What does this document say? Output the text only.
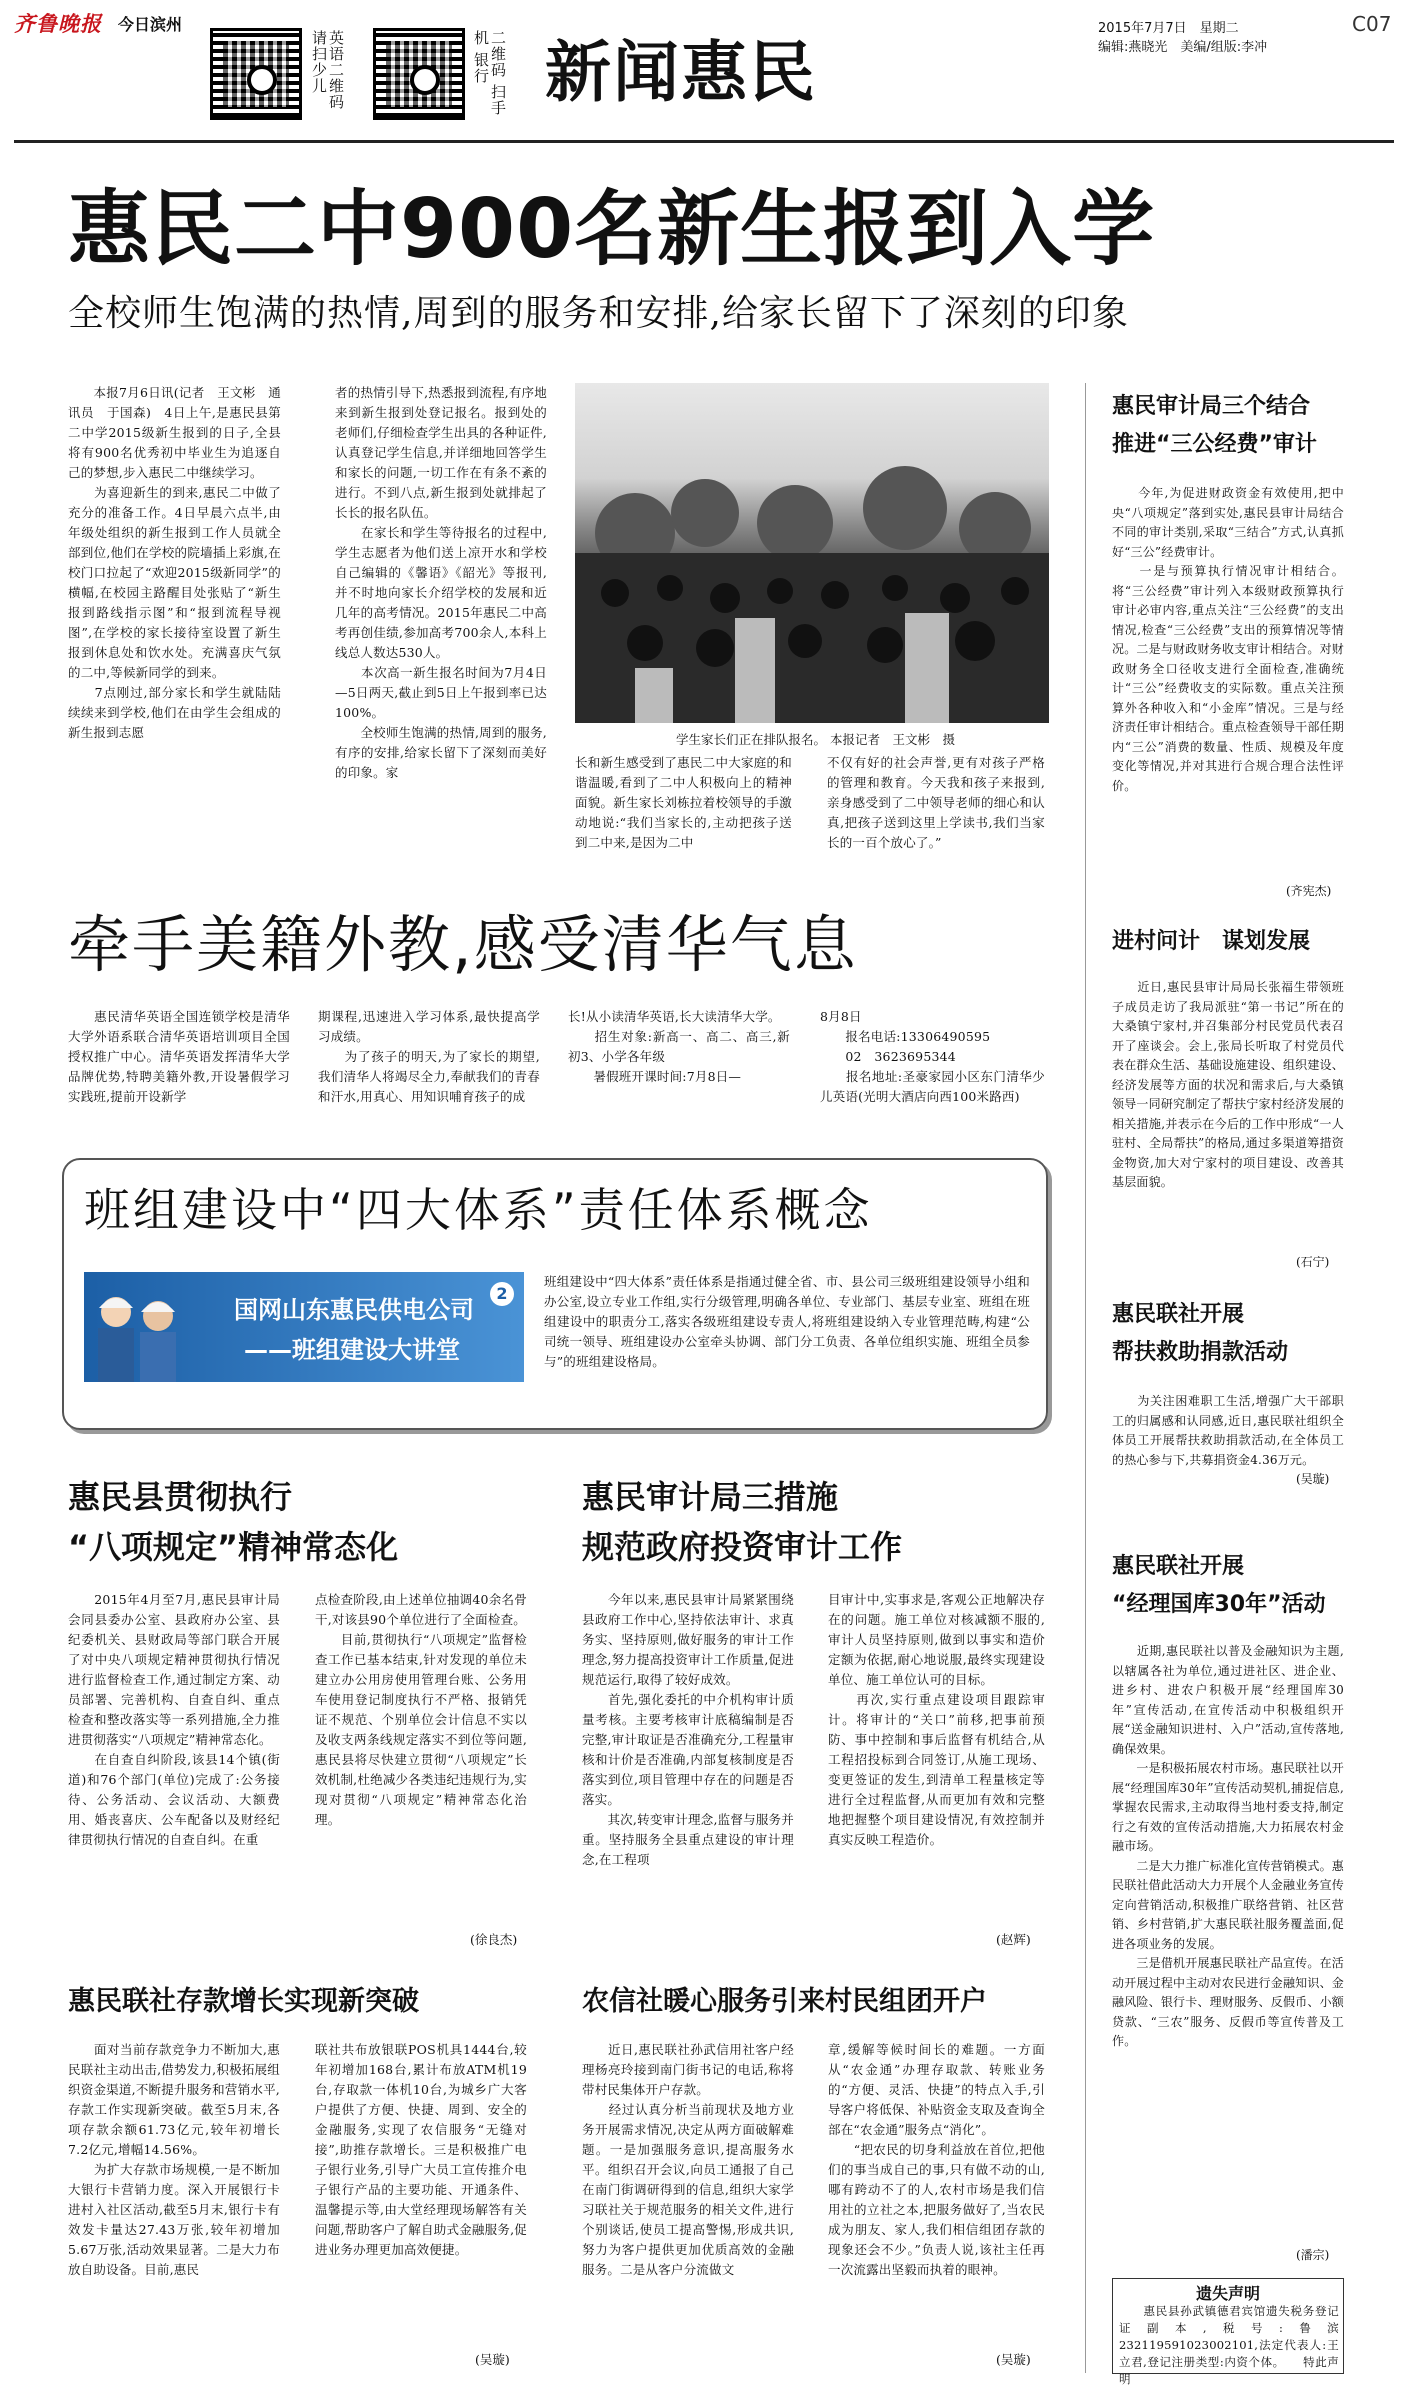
齐鲁晚报 今日滨州
英语二维码 请扫少儿	二维码 扫手机 银行 新闻惠民
2015年7月7日　 星期二	C07
编辑:燕晓光　美编/组版:李冲
惠民二中900名新生报到入学
全校师生饱满的热情,周到的服务和安排,给家长留下了深刻的印象
　　本报7月6日讯(记者　王文彬　通讯员　于国森)　4日上午,是惠民县第二中学2015级新生报到的日子,全县将有900名优秀初中毕业生为追逐自己的梦想,步入惠民二中继续学习。
　　为喜迎新生的到来,惠民二中做了充分的准备工作。4日早晨六点半,由年级处组织的新生报到工作人员就全部到位,他们在学校的院墙插上彩旗,在校门口拉起了“欢迎2015级新同学”的横幅,在校园主路醒目处张贴了“新生报到路线指示图”和“报到流程导视图”,在学校的家长接待室设置了新生报到休息处和饮水处。充满喜庆气氛的二中,等候新同学的到来。
　　7点刚过,部分家长和学生就陆陆续续来到学校,他们在由学生会组成的新生报到志愿
者的热情引导下,热悉报到流程,有序地来到新生报到处登记报名。报到处的老师们,仔细检查学生出具的各种证件,认真登记学生信息,并详细地回答学生和家长的问题,一切工作在有条不紊的进行。不到八点,新生报到处就排起了长长的报名队伍。
　　在家长和学生等待报名的过程中,学生志愿者为他们送上凉开水和学校自己编辑的《馨语》《韶光》等报刊,并不时地向家长介绍学校的发展和近几年的高考情况。2015年惠民二中高考再创佳绩,参加高考700余人,本科上线总人数达530人。
　　本次高一新生报名时间为7月4日—5日两天,截止到5日上午报到率已达100%。
　　全校师生饱满的热情,周到的服务,有序的安排,给家长留下了深刻而美好的印象。家
学生家长们正在排队报名。 本报记者　王文彬　摄
长和新生感受到了惠民二中大家庭的和谐温暖,看到了二中人积极向上的精神面貌。新生家长刘栋拉着校领导的手激动地说:“我们当家长的,主动把孩子送到二中来,是因为二中
不仅有好的社会声誉,更有对孩子严格的管理和教育。今天我和孩子来报到,亲身感受到了二中领导老师的细心和认真,把孩子送到这里上学读书,我们当家长的一百个放心了。”
牵手美籍外教,感受清华气息
　　惠民清华英语全国连锁学校是清华大学外语系联合清华英语培训项目全国授权推广中心。清华英语发挥清华大学品牌优势,特聘美籍外教,开设暑假学习实践班,提前开设新学
期课程,迅速进入学习体系,最快提高学习成绩。
　　为了孩子的明天,为了家长的期望,我们清华人将竭尽全力,奉献我们的青春和汗水,用真心、用知识哺育孩子的成
长!从小读清华英语,长大读清华大学。
　　招生对象:新高一、高二、高三,新初3、小学各年级
　　暑假班开课时间:7月8日—
8月8日
　　报名电话:13306490595
　　02　3623695344
　　报名地址:圣豪家园小区东门清华少儿英语(光明大酒店向西100米路西)
班组建设中“四大体系”责任体系概念
国网山东惠民供电公司
——班组建设大讲堂
2
班组建设中“四大体系”责任体系是指通过健全省、市、县公司三级班组建设领导小组和办公室,设立专业工作组,实行分级管理,明确各单位、专业部门、基层专业室、班组在班组建设中的职责分工,落实各级班组建设专责人,将班组建设纳入专业管理范畴,构建“公司统一领导、班组建设办公室牵头协调、部门分工负责、各单位组织实施、班组全员参与”的班组建设格局。
惠民县贯彻执行
“八项规定”精神常态化
　　2015年4月至7月,惠民县审计局会同县委办公室、县政府办公室、县纪委机关、县财政局等部门联合开展了对中央八项规定精神贯彻执行情况进行监督检查工作,通过制定方案、动员部署、完善机构、自查自纠、重点检查和整改落实等一系列措施,全力推进贯彻落实“八项规定”精神常态化。
　　在自查自纠阶段,该县14个镇(街道)和76个部门(单位)完成了:公务接待、公务活动、会议活动、大额费用、婚丧喜庆、公车配备以及财经纪律贯彻执行情况的自查自纠。在重
点检查阶段,由上述单位抽调40余名骨干,对该县90个单位进行了全面检查。
　　目前,贯彻执行“八项规定”监督检查工作已基本结束,针对发现的单位未建立办公用房使用管理台账、公务用车使用登记制度执行不严格、报销凭证不规范、个别单位会计信息不实以及收支两条线规定落实不到位等问题,惠民县将尽快建立贯彻“八项规定”长效机制,杜绝减少各类违纪违规行为,实现对贯彻“八项规定”精神常态化治理。
(徐良杰)
惠民审计局三措施
规范政府投资审计工作
　　今年以来,惠民县审计局紧紧围绕县政府工作中心,坚持依法审计、求真务实、坚持原则,做好服务的审计工作理念,努力提高投资审计工作质量,促进规范运行,取得了较好成效。
　　首先,强化委托的中介机构审计质量考核。主要考核审计底稿编制是否完整,审计取证是否准确充分,工程量审核和计价是否准确,内部复核制度是否落实到位,项目管理中存在的问题是否落实。
　　其次,转变审计理念,监督与服务并重。坚持服务全县重点建设的审计理念,在工程项
目审计中,实事求是,客观公正地解决存在的问题。施工单位对核减额不服的,审计人员坚持原则,做到以事实和造价定额为依据,耐心地说服,最终实现建设单位、施工单位认可的目标。
　　再次,实行重点建设项目跟踪审计。将审计的“关口”前移,把事前预防、事中控制和事后监督有机结合,从工程招投标到合同签订,从施工现场、变更签证的发生,到清单工程量核定等进行全过程监督,从而更加有效和完整地把握整个项目建设情况,有效控制并真实反映工程造价。
(赵辉)
惠民联社存款增长实现新突破
　　面对当前存款竞争力不断加大,惠民联社主动出击,借势发力,积极拓展组织资金渠道,不断提升服务和营销水平,存款工作实现新突破。截至5月末,各项存款余额61.73亿元,较年初增长7.2亿元,增幅14.56%。
　　为扩大存款市场规模,一是不断加大银行卡营销力度。深入开展银行卡进村入社区活动,截至5月末,银行卡有效发卡量达27.43万张,较年初增加5.67万张,活动效果显著。二是大力布放自助设备。目前,惠民
联社共布放银联POS机具1444台,较年初增加168台,累计布放ATM机19台,存取款一体机10台,为城乡广大客户提供了方便、快捷、周到、安全的金融服务,实现了农信服务“无缝对接”,助推存款增长。三是积极推广电子银行业务,引导广大员工宣传推介电子银行产品的主要功能、开通条件、温馨提示等,由大堂经理现场解答有关问题,帮助客户了解自助式金融服务,促进业务办理更加高效便捷。
(吴璇)
农信社暖心服务引来村民组团开户
　　近日,惠民联社孙武信用社客户经理杨亮玲接到南门街书记的电话,称将带村民集体开户存款。
　　经过认真分析当前现状及地方业务开展需求情况,决定从两方面破解难题。一是加强服务意识,提高服务水平。组织召开会议,向员工通报了自己在南门街调研得到的信息,组织大家学习联社关于规范服务的相关文件,进行个别谈话,使员工提高警惕,形成共识,努力为客户提供更加优质高效的金融服务。二是从客户分流做文
章,缓解等候时间长的难题。一方面从“农金通”办理存取款、转账业务的“方便、灵活、快捷”的特点入手,引导客户将低保、补贴资金支取及查询全部在“农金通”服务点“消化”。
　　“把农民的切身利益放在首位,把他们的事当成自己的事,只有做不动的山,哪有跨动不了的人,农村市场是我们信用社的立社之本,把服务做好了,当农民成为朋友、家人,我们相信组团存款的现象还会不少。”负责人说,该社主任再一次流露出坚毅而执着的眼神。
(吴璇)
惠民审计局三个结合
推进“三公经费”审计
　　今年,为促进财政资金有效使用,把中央“八项规定”落到实处,惠民县审计局结合不同的审计类别,采取“三结合”方式,认真抓好“三公”经费审计。
　　一是与预算执行情况审计相结合。将“三公经费”审计列入本级财政预算执行审计必审内容,重点关注“三公经费”的支出情况,检查“三公经费”支出的预算情况等情况。二是与财政财务收支审计相结合。对财政财务全口径收支进行全面检查,准确统计“三公”经费收支的实际数。重点关注预算外各种收入和“小金库”情况。三是与经济责任审计相结合。重点检查领导干部任期内“三公”消费的数量、性质、规模及年度变化等情况,并对其进行合规合理合法性评价。
(齐宪杰)
进村问计　谋划发展
　　近日,惠民县审计局局长张福生带领班子成员走访了我局派驻“第一书记”所在的大桑镇宁家村,并召集部分村民党员代表召开了座谈会。会上,张局长听取了村党员代表在群众生活、基础设施建设、组织建设、经济发展等方面的状况和需求后,与大桑镇领导一同研究制定了帮扶宁家村经济发展的相关措施,并表示在今后的工作中形成“一人驻村、全局帮扶”的格局,通过多渠道筹措资金物资,加大对宁家村的项目建设、改善其基层面貌。
(石宁)
惠民联社开展
帮扶救助捐款活动
　　为关注困难职工生活,增强广大干部职工的归属感和认同感,近日,惠民联社组织全体员工开展帮扶救助捐款活动,在全体员工的热心参与下,共募捐资金4.36万元。
(吴璇)
惠民联社开展
“经理国库30年”活动
　　近期,惠民联社以普及金融知识为主题,以辖属各社为单位,通过进社区、进企业、进乡村、进农户积极开展“经理国库30年”宣传活动,在宣传活动中积极组织开展“送金融知识进村、入户”活动,宣传落地,确保效果。
　　一是积极拓展农村市场。惠民联社以开展“经理国库30年”宣传活动契机,捕捉信息,掌握农民需求,主动取得当地村委支持,制定行之有效的宣传活动措施,大力拓展农村金融市场。
　　二是大力推广标准化宣传营销模式。惠民联社借此活动大力开展个人金融业务宣传定向营销活动,积极推广联络营销、社区营销、乡村营销,扩大惠民联社服务覆盖面,促进各项业务的发展。
　　三是借机开展惠民联社产品宣传。在活动开展过程中主动对农民进行金融知识、金融风险、银行卡、理财服务、反假币、小额贷款、“三农”服务、反假币等宣传普及工作。
(潘宗)
遗失声明
　　惠民县孙武镇德君宾馆遗失税务登记证副本,税号:鲁滨232119591023002101,法定代表人:王立君,登记注册类型:内资个体。　　特此声明
